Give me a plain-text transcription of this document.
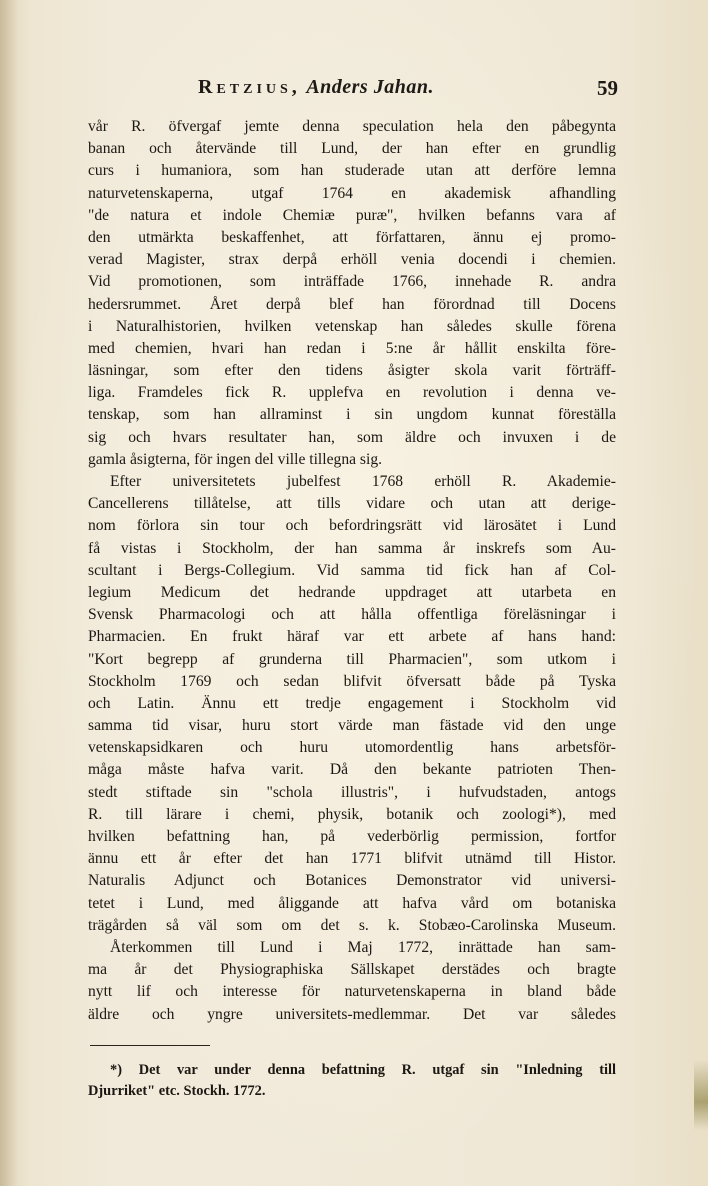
Retzius, Anders Jahan.	59
vår R. öfvergaf jemte denna speculation hela den påbegynta
banan och återvände till Lund, der han efter en grundlig
curs i humaniora, som han studerade utan att derföre lemna
naturvetenskaperna, utgaf 1764 en akademisk afhandling
"de natura et indole Chemiæ puræ", hvilken befanns vara af
den utmärkta beskaffenhet, att författaren, ännu ej promo-
verad Magister, strax derpå erhöll venia docendi i chemien.
Vid promotionen, som inträffade 1766, innehade R. andra
hedersrummet. Året derpå blef han förordnad till Docens
i Naturalhistorien, hvilken vetenskap han således skulle förena
med chemien, hvari han redan i 5:ne år hållit enskilta före-
läsningar, som efter den tidens åsigter skola varit förträff-
liga. Framdeles fick R. upplefva en revolution i denna ve-
tenskap, som han allraminst i sin ungdom kunnat föreställa
sig och hvars resultater han, som äldre och invuxen i de
gamla åsigterna, för ingen del ville tillegna sig.
Efter universitetets jubelfest 1768 erhöll R. Akademie-
Cancellerens tillåtelse, att tills vidare och utan att derige-
nom förlora sin tour och befordringsrätt vid lärosätet i Lund
få vistas i Stockholm, der han samma år inskrefs som Au-
scultant i Bergs-Collegium. Vid samma tid fick han af Col-
legium Medicum det hedrande uppdraget att utarbeta en
Svensk Pharmacologi och att hålla offentliga föreläsningar i
Pharmacien. En frukt häraf var ett arbete af hans hand:
"Kort begrepp af grunderna till Pharmacien", som utkom i
Stockholm 1769 och sedan blifvit öfversatt både på Tyska
och Latin. Ännu ett tredje engagement i Stockholm vid
samma tid visar, huru stort värde man fästade vid den unge
vetenskapsidkaren och huru utomordentlig hans arbetsför-
måga måste hafva varit. Då den bekante patrioten Then-
stedt stiftade sin "schola illustris", i hufvudstaden, antogs
R. till lärare i chemi, physik, botanik och zoologi*), med
hvilken befattning han, på vederbörlig permission, fortfor
ännu ett år efter det han 1771 blifvit utnämd till Histor.
Naturalis Adjunct och Botanices Demonstrator vid universi-
tetet i Lund, med åliggande att hafva vård om botaniska
trägården så väl som om det s. k. Stobæo-Carolinska Museum.
Återkommen till Lund i Maj 1772, inrättade han sam-
ma år det Physiographiska Sällskapet derstädes och bragte
nytt lif och interesse för naturvetenskaperna in bland både
äldre och yngre universitets-medlemmar. Det var således
*) Det var under denna befattning R. utgaf sin "Inledning till
Djurriket" etc. Stockh. 1772.
